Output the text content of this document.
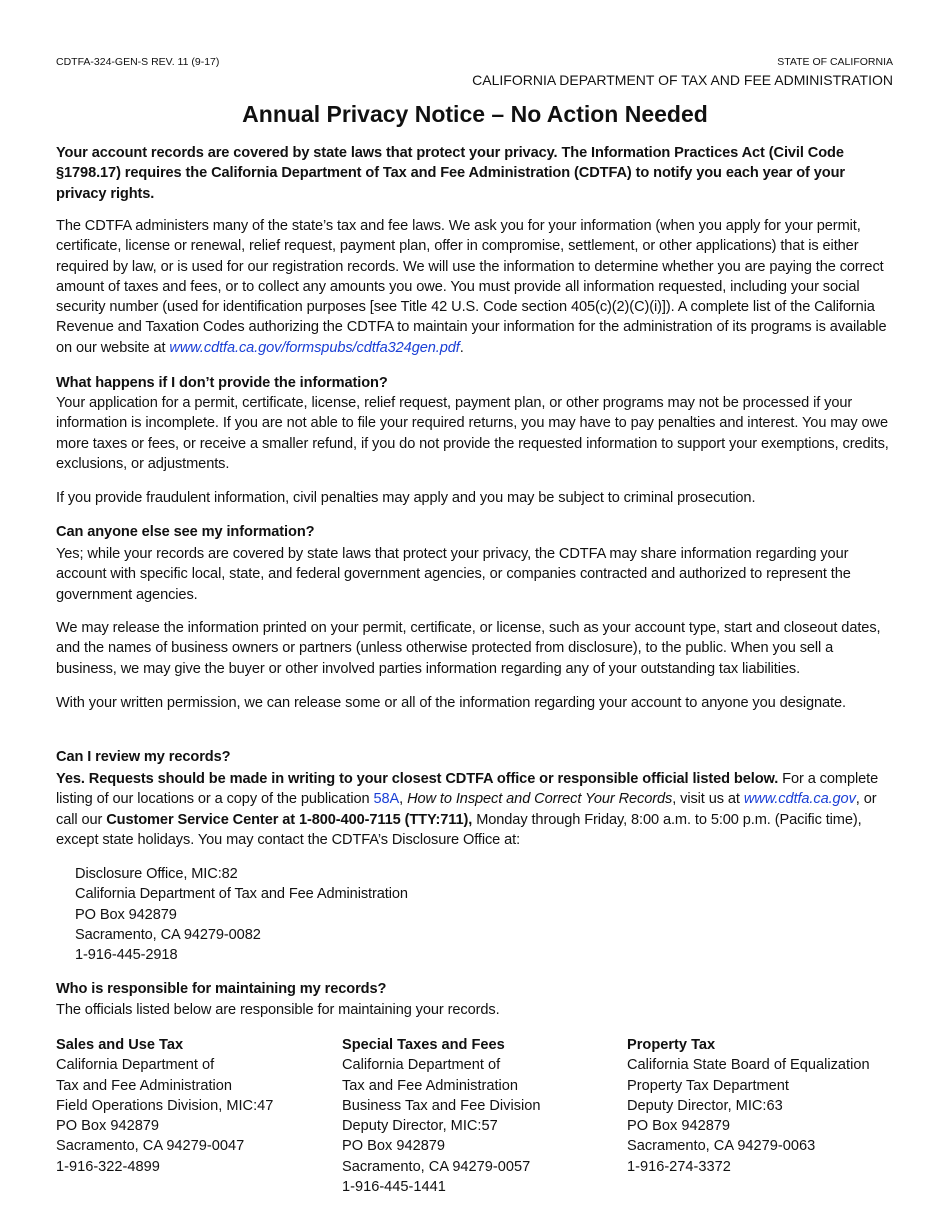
CDTFA-324-GEN-S REV. 11 (9-17)	STATE OF CALIFORNIA
CALIFORNIA DEPARTMENT OF TAX AND FEE ADMINISTRATION
Annual Privacy Notice – No Action Needed
Your account records are covered by state laws that protect your privacy. The Information Practices Act (Civil Code §1798.17) requires the California Department of Tax and Fee Administration (CDTFA) to notify you each year of your privacy rights.
The CDTFA administers many of the state’s tax and fee laws. We ask you for your information (when you apply for your permit, certificate, license or renewal, relief request, payment plan, offer in compromise, settlement, or other applications) that is either required by law, or is used for our registration records. We will use the information to determine whether you are paying the correct amount of taxes and fees, or to collect any amounts you owe. You must provide all information requested, including your social security number (used for identification purposes [see Title 42 U.S. Code section 405(c)(2)(C)(i)]). A complete list of the California Revenue and Taxation Codes authorizing the CDTFA to maintain your information for the administration of its programs is available on our website at www.cdtfa.ca.gov/formspubs/cdtfa324gen.pdf.
What happens if I don’t provide the information?
Your application for a permit, certificate, license, relief request, payment plan, or other programs may not be processed if your information is incomplete. If you are not able to file your required returns, you may have to pay penalties and interest. You may owe more taxes or fees, or receive a smaller refund, if you do not provide the requested information to support your exemptions, credits, exclusions, or adjustments.
If you provide fraudulent information, civil penalties may apply and you may be subject to criminal prosecution.
Can anyone else see my information?
Yes; while your records are covered by state laws that protect your privacy, the CDTFA may share information regarding your account with specific local, state, and federal government agencies, or companies contracted and authorized to represent the government agencies.
We may release the information printed on your permit, certificate, or license, such as your account type, start and closeout dates, and the names of business owners or partners (unless otherwise protected from disclosure), to the public. When you sell a business, we may give the buyer or other involved parties information regarding any of your outstanding tax liabilities.
With your written permission, we can release some or all of the information regarding your account to anyone you designate.
Can I review my records?
Yes. Requests should be made in writing to your closest CDTFA office or responsible official listed below. For a complete listing of our locations or a copy of the publication 58A, How to Inspect and Correct Your Records, visit us at www.cdtfa.ca.gov, or call our Customer Service Center at 1-800-400-7115 (TTY:711), Monday through Friday, 8:00 a.m. to 5:00 p.m. (Pacific time), except state holidays. You may contact the CDTFA’s Disclosure Office at:
Disclosure Office, MIC:82
California Department of Tax and Fee Administration
PO Box 942879
Sacramento, CA 94279-0082
1-916-445-2918
Who is responsible for maintaining my records?
The officials listed below are responsible for maintaining your records.
Sales and Use Tax
California Department of
Tax and Fee Administration
Field Operations Division, MIC:47
PO Box 942879
Sacramento, CA 94279-0047
1-916-322-4899
Special Taxes and Fees
California Department of
Tax and Fee Administration
Business Tax and Fee Division
Deputy Director, MIC:57
PO Box 942879
Sacramento, CA 94279-0057
1-916-445-1441
Property Tax
California State Board of Equalization
Property Tax Department
Deputy Director, MIC:63
PO Box 942879
Sacramento, CA 94279-0063
1-916-274-3372
